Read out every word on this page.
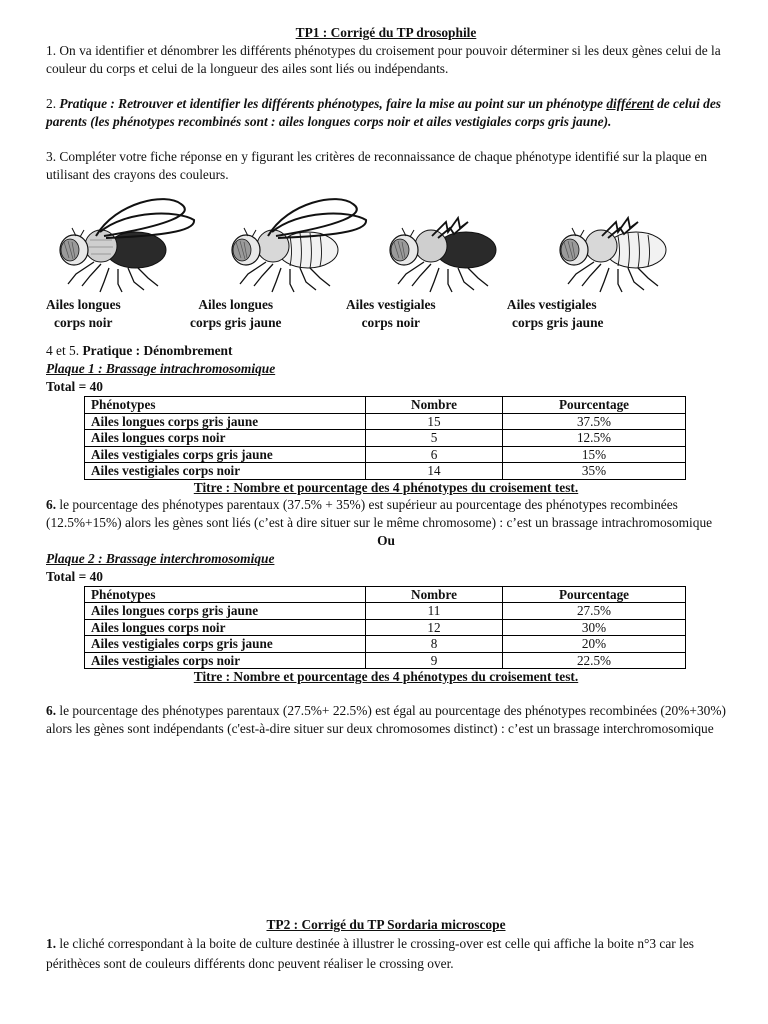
TP1 : Corrigé du TP drosophile

1. On va identifier et dénombrer les différents phénotypes du croisement pour pouvoir déterminer si les deux gènes celui de la couleur du corps et celui de la longueur des ailes sont liés ou indépendants.

2. Pratique : Retrouver et identifier les différents phénotypes, faire la mise au point sur un phénotype différent de celui des parents (les phénotypes recombinés sont : ailes longues corps noir et ailes vestigiales corps gris jaune).

3. Compléter votre fiche réponse en y figurant les critères de reconnaissance de chaque phénotype identifié sur la plaque en utilisant des crayons des couleurs.

Ailes longues
corps noir
Ailes longues
corps gris jaune
Ailes vestigiales
corps noir
Ailes vestigiales
corps gris jaune

4 et 5. Pratique : Dénombrement

Plaque 1 : Brassage intrachromosomique

Total = 40

Phénotypes	Nombre	Pourcentage
Ailes longues corps gris jaune	15	37.5%
Ailes longues corps noir	5	12.5%
Ailes vestigiales corps gris jaune	6	15%
Ailes vestigiales corps noir	14	35%

Titre : Nombre et pourcentage des 4 phénotypes du croisement test.

6. le pourcentage des phénotypes parentaux (37.5% + 35%) est supérieur au pourcentage des phénotypes recombinées (12.5%+15%) alors les gènes sont liés (c’est à dire situer sur le même chromosome) : c’est un brassage intrachromosomique

Ou

Plaque 2 : Brassage interchromosomique

Total = 40

Phénotypes	Nombre	Pourcentage
Ailes longues corps gris jaune	11	27.5%
Ailes longues corps noir	12	30%
Ailes vestigiales corps gris jaune	8	20%
Ailes vestigiales corps noir	9	22.5%

Titre : Nombre et pourcentage des 4 phénotypes du croisement test.

6. le pourcentage des phénotypes parentaux (27.5%+ 22.5%) est égal au pourcentage des phénotypes recombinées (20%+30%) alors les gènes sont indépendants (c'est-à-dire situer sur deux chromosomes distinct) : c’est un brassage interchromosomique

TP2 : Corrigé du TP Sordaria microscope

1. le cliché correspondant à la boite de culture destinée à illustrer le crossing-over est celle qui affiche la boite n°3 car les périthèces sont de couleurs différents donc peuvent réaliser le crossing over.
